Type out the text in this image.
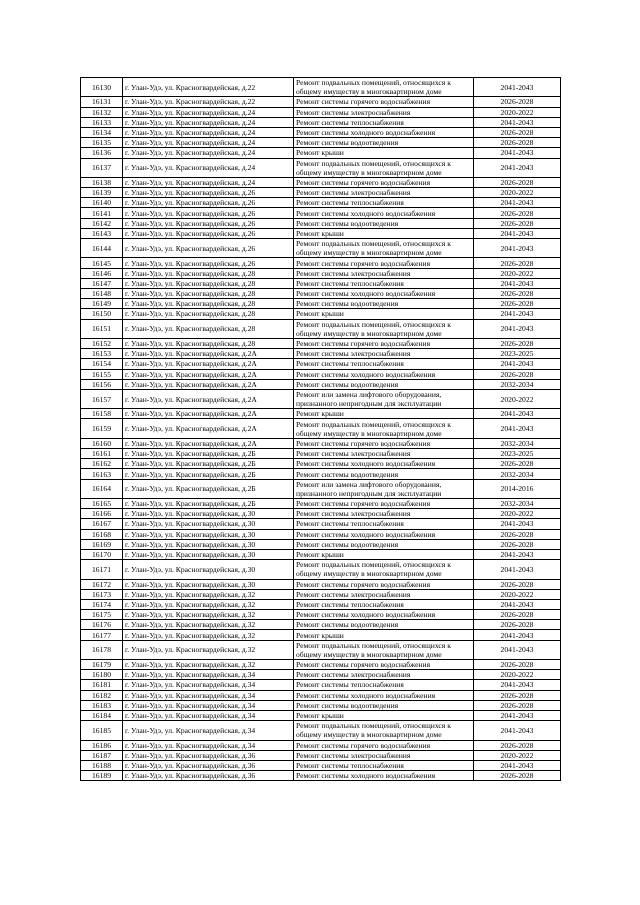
16130	г. Улан-Удэ, ул. Красногвардейская, д.22	Ремонт подвальных помещений, относящихся к общему имуществу в многоквартирном доме	2041-2043
16131	г. Улан-Удэ, ул. Красногвардейская, д.22	Ремонт системы горячего водоснабжения	2026-2028
16132	г. Улан-Удэ, ул. Красногвардейская, д.24	Ремонт системы электроснабжения	2020-2022
16133	г. Улан-Удэ, ул. Красногвардейская, д.24	Ремонт системы теплоснабжения	2041-2043
16134	г. Улан-Удэ, ул. Красногвардейская, д.24	Ремонт системы холодного водоснабжения	2026-2028
16135	г. Улан-Удэ, ул. Красногвардейская, д.24	Ремонт системы водоотведения	2026-2028
16136	г. Улан-Удэ, ул. Красногвардейская, д.24	Ремонт крыши	2041-2043
16137	г. Улан-Удэ, ул. Красногвардейская, д.24	Ремонт подвальных помещений, относящихся к общему имуществу в многоквартирном доме	2041-2043
16138	г. Улан-Удэ, ул. Красногвардейская, д.24	Ремонт системы горячего водоснабжения	2026-2028
16139	г. Улан-Удэ, ул. Красногвардейская, д.26	Ремонт системы электроснабжения	2020-2022
16140	г. Улан-Удэ, ул. Красногвардейская, д.26	Ремонт системы теплоснабжения	2041-2043
16141	г. Улан-Удэ, ул. Красногвардейская, д.26	Ремонт системы холодного водоснабжения	2026-2028
16142	г. Улан-Удэ, ул. Красногвардейская, д.26	Ремонт системы водоотведения	2026-2028
16143	г. Улан-Удэ, ул. Красногвардейская, д.26	Ремонт крыши	2041-2043
16144	г. Улан-Удэ, ул. Красногвардейская, д.26	Ремонт подвальных помещений, относящихся к общему имуществу в многоквартирном доме	2041-2043
16145	г. Улан-Удэ, ул. Красногвардейская, д.26	Ремонт системы горячего водоснабжения	2026-2028
16146	г. Улан-Удэ, ул. Красногвардейская, д.28	Ремонт системы электроснабжения	2020-2022
16147	г. Улан-Удэ, ул. Красногвардейская, д.28	Ремонт системы теплоснабжения	2041-2043
16148	г. Улан-Удэ, ул. Красногвардейская, д.28	Ремонт системы холодного водоснабжения	2026-2028
16149	г. Улан-Удэ, ул. Красногвардейская, д.28	Ремонт системы водоотведения	2026-2028
16150	г. Улан-Удэ, ул. Красногвардейская, д.28	Ремонт крыши	2041-2043
16151	г. Улан-Удэ, ул. Красногвардейская, д.28	Ремонт подвальных помещений, относящихся к общему имуществу в многоквартирном доме	2041-2043
16152	г. Улан-Удэ, ул. Красногвардейская, д.28	Ремонт системы горячего водоснабжения	2026-2028
16153	г. Улан-Удэ, ул. Красногвардейская, д.2А	Ремонт системы электроснабжения	2023-2025
16154	г. Улан-Удэ, ул. Красногвардейская, д.2А	Ремонт системы теплоснабжения	2041-2043
16155	г. Улан-Удэ, ул. Красногвардейская, д.2А	Ремонт системы холодного водоснабжения	2026-2028
16156	г. Улан-Удэ, ул. Красногвардейская, д.2А	Ремонт системы водоотведения	2032-2034
16157	г. Улан-Удэ, ул. Красногвардейская, д.2А	Ремонт или замена лифтового оборудования, признанного непригодным для эксплуатации	2020-2022
16158	г. Улан-Удэ, ул. Красногвардейская, д.2А	Ремонт крыши	2041-2043
16159	г. Улан-Удэ, ул. Красногвардейская, д.2А	Ремонт подвальных помещений, относящихся к общему имуществу в многоквартирном доме	2041-2043
16160	г. Улан-Удэ, ул. Красногвардейская, д.2А	Ремонт системы горячего водоснабжения	2032-2034
16161	г. Улан-Удэ, ул. Красногвардейская, д.2Б	Ремонт системы электроснабжения	2023-2025
16162	г. Улан-Удэ, ул. Красногвардейская, д.2Б	Ремонт системы холодного водоснабжения	2026-2028
16163	г. Улан-Удэ, ул. Красногвардейская, д.2Б	Ремонт системы водоотведения	2032-2034
16164	г. Улан-Удэ, ул. Красногвардейская, д.2Б	Ремонт или замена лифтового оборудования, признанного непригодным для эксплуатации	2014-2016
16165	г. Улан-Удэ, ул. Красногвардейская, д.2Б	Ремонт системы горячего водоснабжения	2032-2034
16166	г. Улан-Удэ, ул. Красногвардейская, д.30	Ремонт системы электроснабжения	2020-2022
16167	г. Улан-Удэ, ул. Красногвардейская, д.30	Ремонт системы теплоснабжения	2041-2043
16168	г. Улан-Удэ, ул. Красногвардейская, д.30	Ремонт системы холодного водоснабжения	2026-2028
16169	г. Улан-Удэ, ул. Красногвардейская, д.30	Ремонт системы водоотведения	2026-2028
16170	г. Улан-Удэ, ул. Красногвардейская, д.30	Ремонт крыши	2041-2043
16171	г. Улан-Удэ, ул. Красногвардейская, д.30	Ремонт подвальных помещений, относящихся к общему имуществу в многоквартирном доме	2041-2043
16172	г. Улан-Удэ, ул. Красногвардейская, д.30	Ремонт системы горячего водоснабжения	2026-2028
16173	г. Улан-Удэ, ул. Красногвардейская, д.32	Ремонт системы электроснабжения	2020-2022
16174	г. Улан-Удэ, ул. Красногвардейская, д.32	Ремонт системы теплоснабжения	2041-2043
16175	г. Улан-Удэ, ул. Красногвардейская, д.32	Ремонт системы холодного водоснабжения	2026-2028
16176	г. Улан-Удэ, ул. Красногвардейская, д.32	Ремонт системы водоотведения	2026-2028
16177	г. Улан-Удэ, ул. Красногвардейская, д.32	Ремонт крыши	2041-2043
16178	г. Улан-Удэ, ул. Красногвардейская, д.32	Ремонт подвальных помещений, относящихся к общему имуществу в многоквартирном доме	2041-2043
16179	г. Улан-Удэ, ул. Красногвардейская, д.32	Ремонт системы горячего водоснабжения	2026-2028
16180	г. Улан-Удэ, ул. Красногвардейская, д.34	Ремонт системы электроснабжения	2020-2022
16181	г. Улан-Удэ, ул. Красногвардейская, д.34	Ремонт системы теплоснабжения	2041-2043
16182	г. Улан-Удэ, ул. Красногвардейская, д.34	Ремонт системы холодного водоснабжения	2026-2028
16183	г. Улан-Удэ, ул. Красногвардейская, д.34	Ремонт системы водоотведения	2026-2028
16184	г. Улан-Удэ, ул. Красногвардейская, д.34	Ремонт крыши	2041-2043
16185	г. Улан-Удэ, ул. Красногвардейская, д.34	Ремонт подвальных помещений, относящихся к общему имуществу в многоквартирном доме	2041-2043
16186	г. Улан-Удэ, ул. Красногвардейская, д.34	Ремонт системы горячего водоснабжения	2026-2028
16187	г. Улан-Удэ, ул. Красногвардейская, д.36	Ремонт системы электроснабжения	2020-2022
16188	г. Улан-Удэ, ул. Красногвардейская, д.36	Ремонт системы теплоснабжения	2041-2043
16189	г. Улан-Удэ, ул. Красногвардейская, д.36	Ремонт системы холодного водоснабжения	2026-2028
